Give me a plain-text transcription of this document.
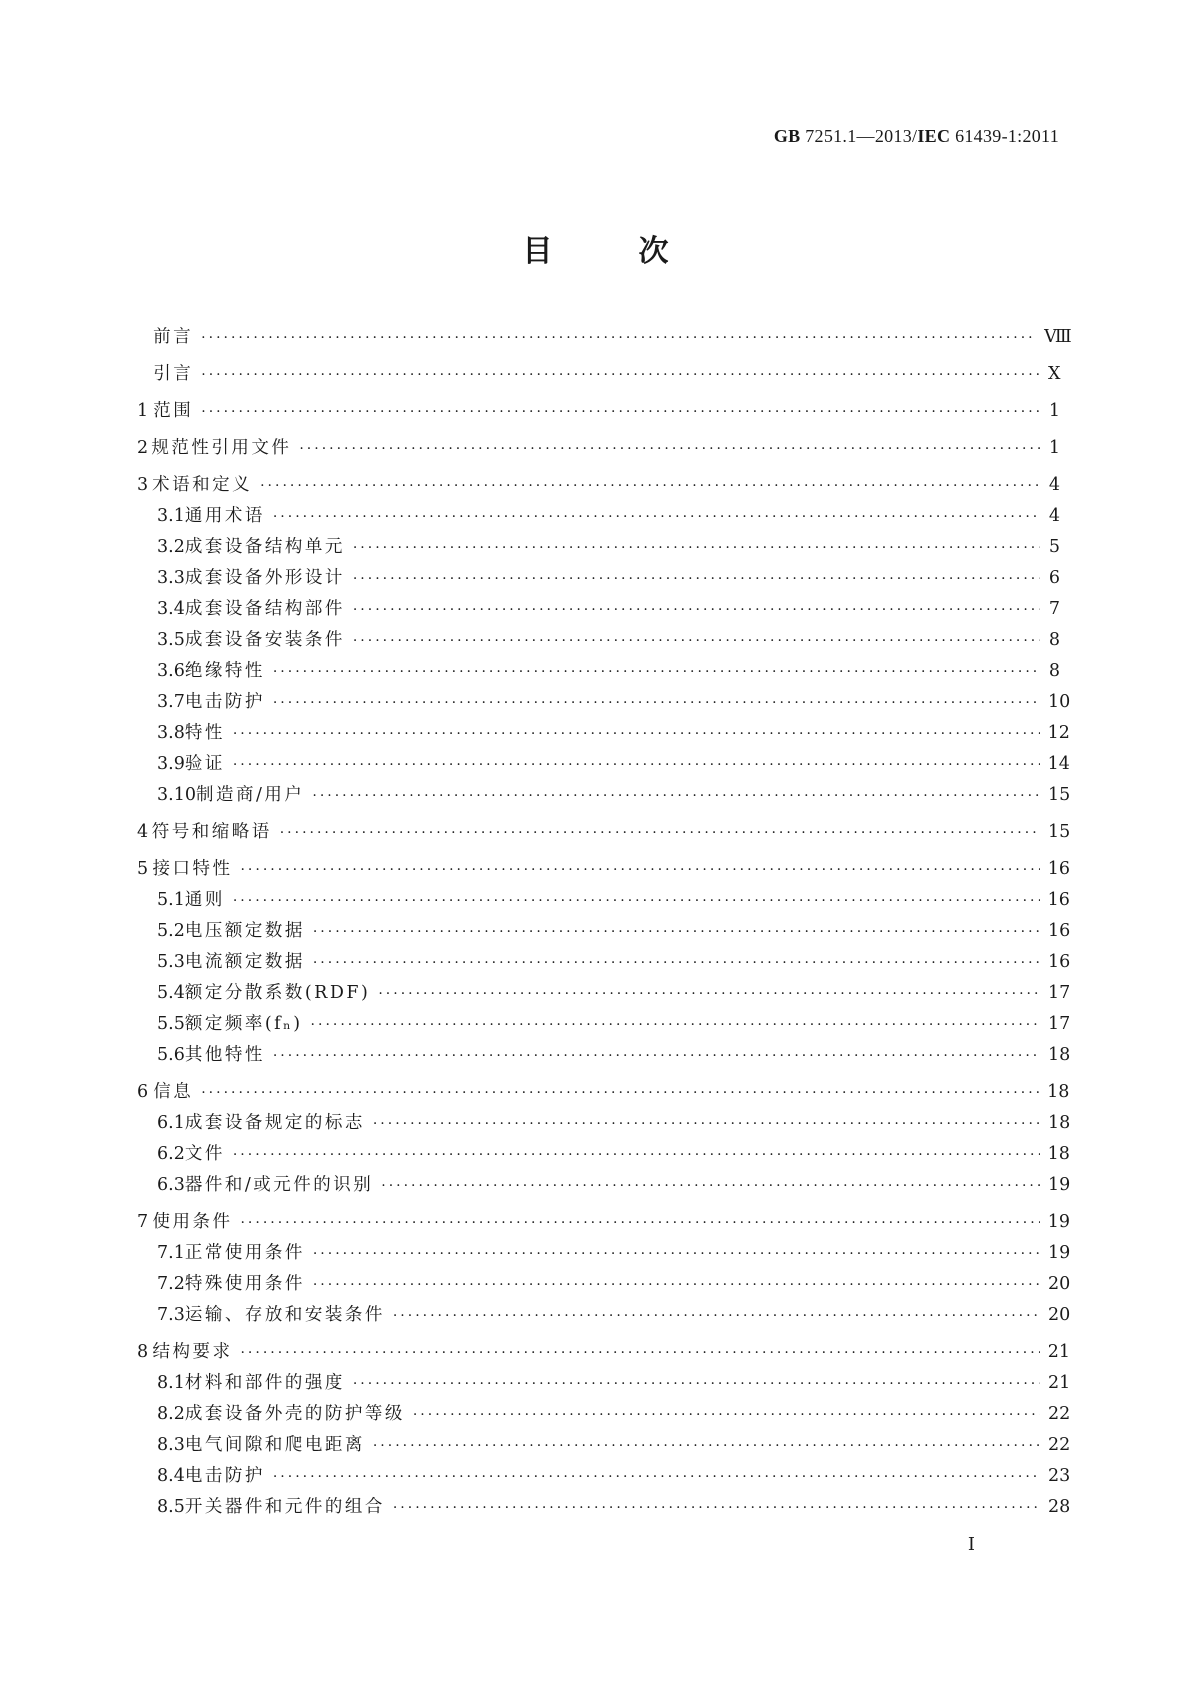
GB 7251.1—2013/IEC 61439-1:2011
目	次
前言 ·····	Ⅷ
引言 ·····	Ⅹ
1 范围 ·····	1
2 规范性引用文件 ·····	1
3 术语和定义 ·····	4
3.1 通用术语 ·····	4
3.2 成套设备结构单元 ·····	5
3.3 成套设备外形设计 ·····	6
3.4 成套设备结构部件 ·····	7
3.5 成套设备安装条件 ·····	8
3.6 绝缘特性 ·····	8
3.7 电击防护 ·····	10
3.8 特性 ·····	12
3.9 验证 ·····	14
3.10 制造商/用户 ·····	15
4 符号和缩略语 ·····	15
5 接口特性 ·····	16
5.1 通则 ·····	16
5.2 电压额定数据 ·····	16
5.3 电流额定数据 ·····	16
5.4 额定分散系数(RDF) ·····	17
5.5 额定频率(fₙ) ·····	17
5.6 其他特性 ·····	18
6 信息 ·····	18
6.1 成套设备规定的标志 ·····	18
6.2 文件 ·····	18
6.3 器件和/或元件的识别 ·····	19
7 使用条件 ·····	19
7.1 正常使用条件 ·····	19
7.2 特殊使用条件 ·····	20
7.3 运输、存放和安装条件 ·····	20
8 结构要求 ·····	21
8.1 材料和部件的强度 ·····	21
8.2 成套设备外壳的防护等级 ·····	22
8.3 电气间隙和爬电距离 ·····	22
8.4 电击防护 ·····	23
8.5 开关器件和元件的组合 ·····	28
I
